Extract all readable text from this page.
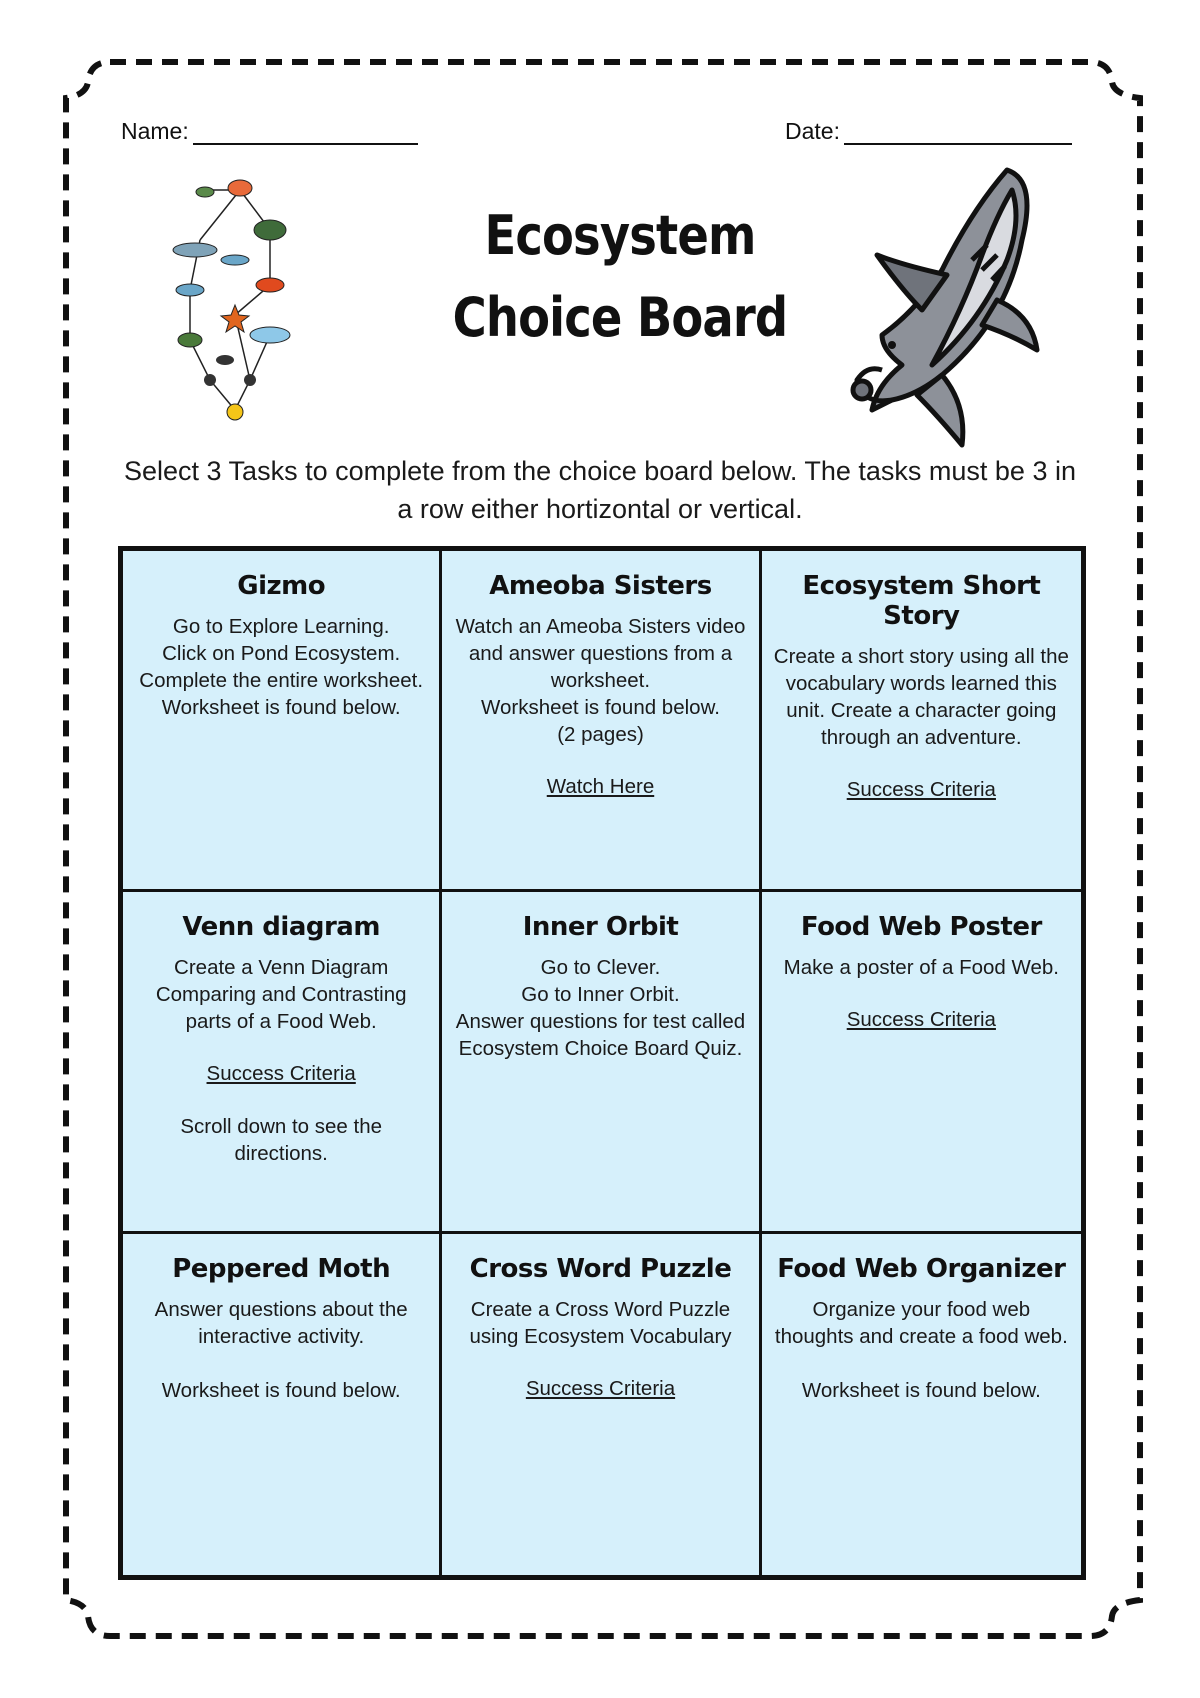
Name:	Date:
Ecosystem
Choice Board
Select 3 Tasks to complete from the choice board below. The tasks must be 3 in a row either hortizontal or vertical.
Gizmo
Go to Explore Learning.
Click on Pond Ecosystem.
Complete the entire worksheet.
Worksheet is found below.
Ameoba Sisters
Watch an Ameoba Sisters video and answer questions from a worksheet.
Worksheet is found below.
(2 pages)
Watch Here
Ecosystem Short Story
Create a short story using all the vocabulary words learned this unit. Create a character going through an adventure.
Success Criteria
Venn diagram
Create a Venn Diagram Comparing and Contrasting parts of a Food Web.
Success Criteria
Scroll down to see the directions.
Inner Orbit
Go to Clever.
Go to Inner Orbit.
Answer questions for test called Ecosystem Choice Board Quiz.
Food Web Poster
Make a poster of a Food Web.
Success Criteria
Peppered Moth
Answer questions about the interactive activity.
Worksheet is found below.
Cross Word Puzzle
Create a Cross Word Puzzle using Ecosystem Vocabulary
Success Criteria
Food Web Organizer
Organize your food web thoughts and create a food web.
Worksheet is found below.
